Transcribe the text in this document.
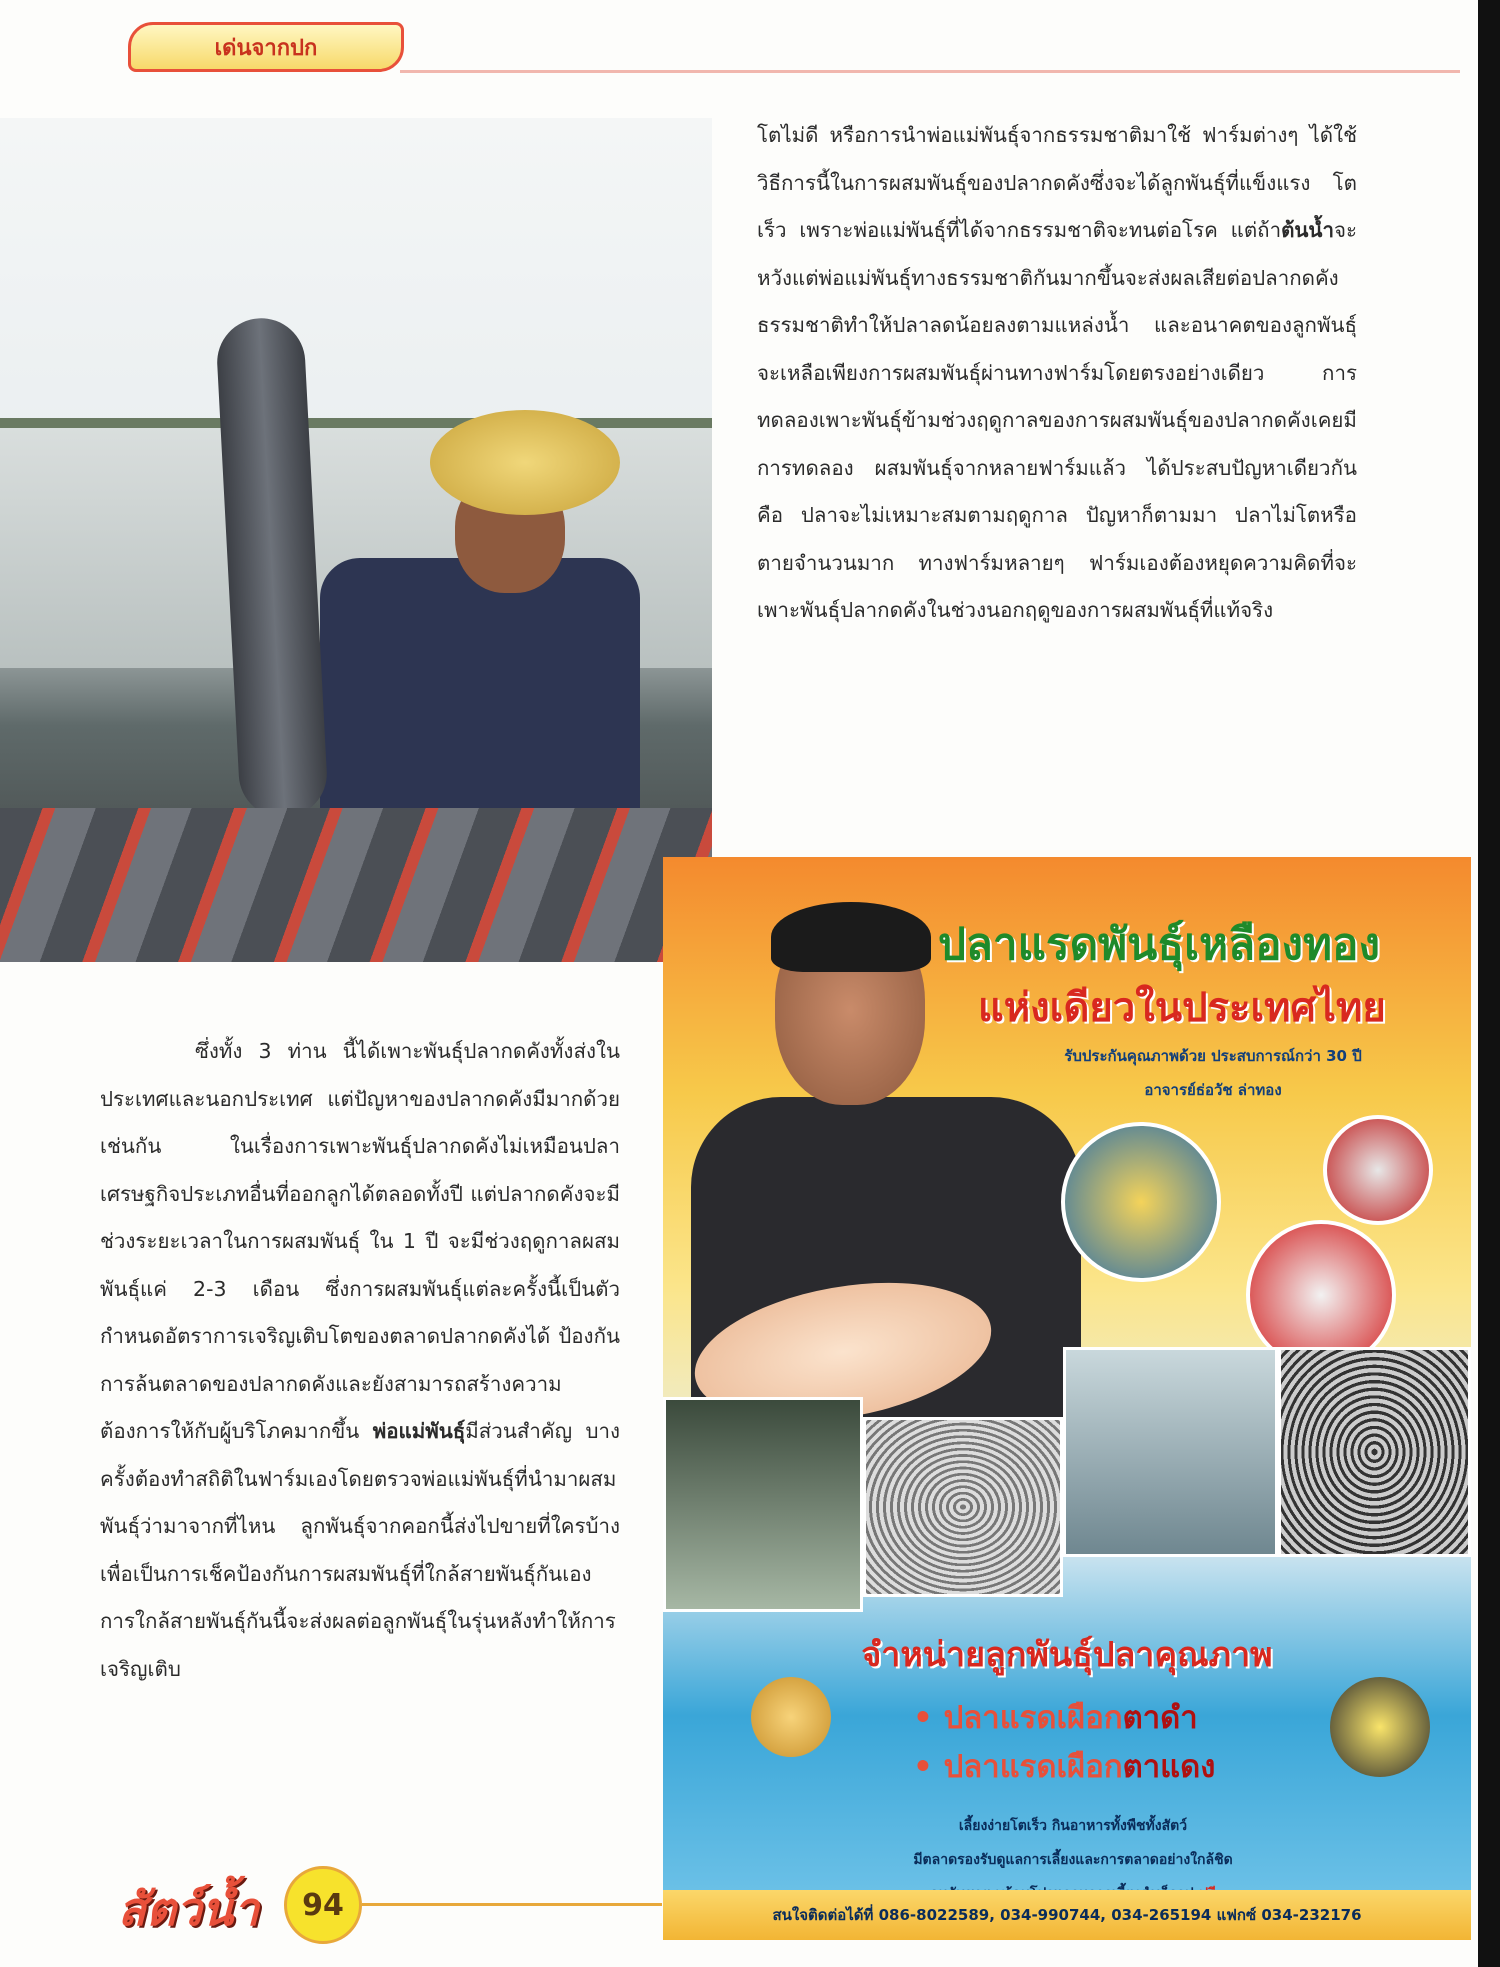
เด่นจากปก
โตไม่ดี หรือการนำพ่อแม่พันธุ์จากธรรมชาติมาใช้ ฟาร์มต่างๆ ได้ใช้วิธีการนี้ในการผสมพันธุ์ของปลากดคังซึ่งจะได้ลูกพันธุ์ที่แข็งแรง โตเร็ว เพราะพ่อแม่พันธุ์ที่ได้จากธรรมชาติจะทนต่อโรค แต่ถ้าต้นน้ำจะหวังแต่พ่อแม่พันธุ์ทางธรรมชาติกันมากขึ้นจะส่งผลเสียต่อปลากดคังธรรมชาติทำให้ปลาลดน้อยลงตามแหล่งน้ำ และอนาคตของลูกพันธุ์จะเหลือเพียงการผสมพันธุ์ผ่านทางฟาร์มโดยตรงอย่างเดียว การทดลองเพาะพันธุ์ข้ามช่วงฤดูกาลของการผสมพันธุ์ของปลากดคังเคยมีการทดลอง ผสมพันธุ์จากหลายฟาร์มแล้ว ได้ประสบปัญหาเดียวกัน คือ ปลาจะไม่เหมาะสมตามฤดูกาล ปัญหาก็ตามมา ปลาไม่โตหรือตายจำนวนมาก ทางฟาร์มหลายๆ ฟาร์มเองต้องหยุดความคิดที่จะเพาะพันธุ์ปลากดคังในช่วงนอกฤดูของการผสมพันธุ์ที่แท้จริง
ซึ่งทั้ง 3 ท่าน นี้ได้เพาะพันธุ์ปลากดคังทั้งส่งในประเทศและนอกประเทศ แต่ปัญหาของปลากดคังมีมากด้วยเช่นกัน ในเรื่องการเพาะพันธุ์ปลากดคังไม่เหมือนปลาเศรษฐกิจประเภทอื่นที่ออกลูกได้ตลอดทั้งปี แต่ปลากดคังจะมีช่วงระยะเวลาในการผสมพันธุ์ ใน 1 ปี จะมีช่วงฤดูกาลผสมพันธุ์แค่ 2-3 เดือน ซึ่งการผสมพันธุ์แต่ละครั้งนี้เป็นตัวกำหนดอัตราการเจริญเติบโตของตลาดปลากดคังได้ ป้องกันการล้นตลาดของปลากดคังและยังสามารถสร้างความต้องการให้กับผู้บริโภคมากขึ้น พ่อแม่พันธุ์มีส่วนสำคัญ บางครั้งต้องทำสถิติในฟาร์มเองโดยตรวจพ่อแม่พันธุ์ที่นำมาผสมพันธุ์ว่ามาจากที่ไหน ลูกพันธุ์จากคอกนี้ส่งไปขายที่ใครบ้าง เพื่อเป็นการเช็คป้องกันการผสมพันธุ์ที่ใกล้สายพันธุ์กันเอง การใกล้สายพันธุ์กันนี้จะส่งผลต่อลูกพันธุ์ในรุ่นหลังทำให้การเจริญเติบ
ปลาแรดพันธุ์เหลืองทอง
แห่งเดียวในประเทศไทย
รับประกันคุณภาพด้วย ประสบการณ์กว่า 30 ปี
อาจารย์ธ่อวัช ล่าทอง
จำหน่ายลูกพันธุ์ปลาคุณภาพ
• ปลาแรดเผือกตาดำ
• ปลาแรดเผือกตาแดง
เลี้ยงง่ายโตเร็ว กินอาหารทั้งพืชทั้งสัตว์
มีตลาดรองรับดูแลการเลี้ยงและการตลาดอย่างใกล้ชิด
สนใจติดต่อได้ที่ 086-8022589, 034-990744, 034-265194 แฟกซ์ 034-232176
สัตว์น้ำ	94
